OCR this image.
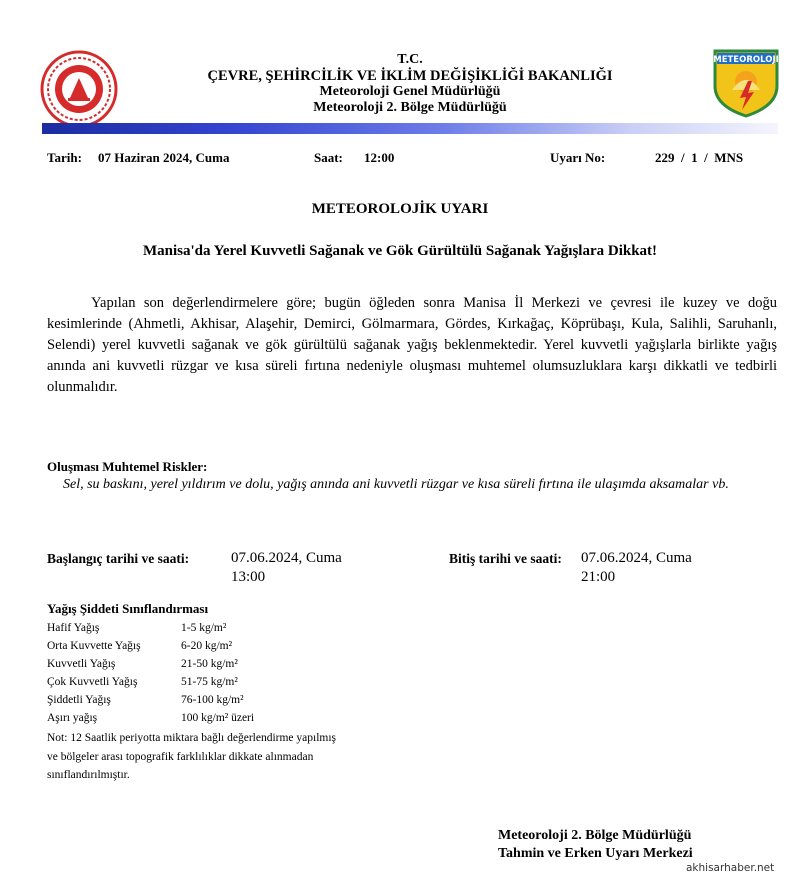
T.C.
ÇEVRE, ŞEHİRCİLİK VE İKLİM DEĞİŞİKLİĞİ BAKANLIĞI
Meteoroloji Genel Müdürlüğü
Meteoroloji 2. Bölge Müdürlüğü
METEOROLOJI
Tarih: 07 Haziran 2024, Cuma	Saat: 12:00	Uyarı No:	229  /  1  /  MNS
METEOROLOJİK UYARI
Manisa'da Yerel Kuvvetli Sağanak ve Gök Gürültülü Sağanak Yağışlara Dikkat!
Yapılan son değerlendirmelere göre; bugün öğleden sonra Manisa İl Merkezi ve çevresi ile kuzey ve doğu kesimlerinde (Ahmetli, Akhisar, Alaşehir, Demirci, Gölmarmara, Gördes, Kırkağaç, Köprübaşı, Kula, Salihli, Saruhanlı, Selendi) yerel kuvvetli sağanak ve gök gürültülü sağanak yağış beklenmektedir. Yerel kuvvetli yağışlarla birlikte yağış anında ani kuvvetli rüzgar ve kısa süreli fırtına nedeniyle oluşması muhtemel olumsuzluklara karşı dikkatli ve tedbirli olunmalıdır.
Oluşması Muhtemel Riskler:
Sel, su baskını, yerel yıldırım ve dolu, yağış anında ani kuvvetli rüzgar ve kısa süreli fırtına ile ulaşımda aksamalar vb.
Başlangıç tarihi ve saati:	07.06.2024, Cuma
13:00
Bitiş tarihi ve saati: 07.06.2024, Cuma
21:00
Yağış Şiddeti Sınıflandırması
Hafif Yağış	1-5 kg/m²
Orta Kuvvette Yağış	6-20 kg/m²
Kuvvetli Yağış	21-50 kg/m²
Çok Kuvvetli Yağış	51-75 kg/m²
Şiddetli Yağış	76-100 kg/m²
Aşırı yağış	100 kg/m² üzeri
Not: 12 Saatlik periyotta miktara bağlı değerlendirme yapılmış ve bölgeler arası topografik farklılıklar dikkate alınmadan sınıflandırılmıştır.
Meteoroloji 2. Bölge Müdürlüğü
Tahmin ve Erken Uyarı Merkezi
akhisarhaber.net
